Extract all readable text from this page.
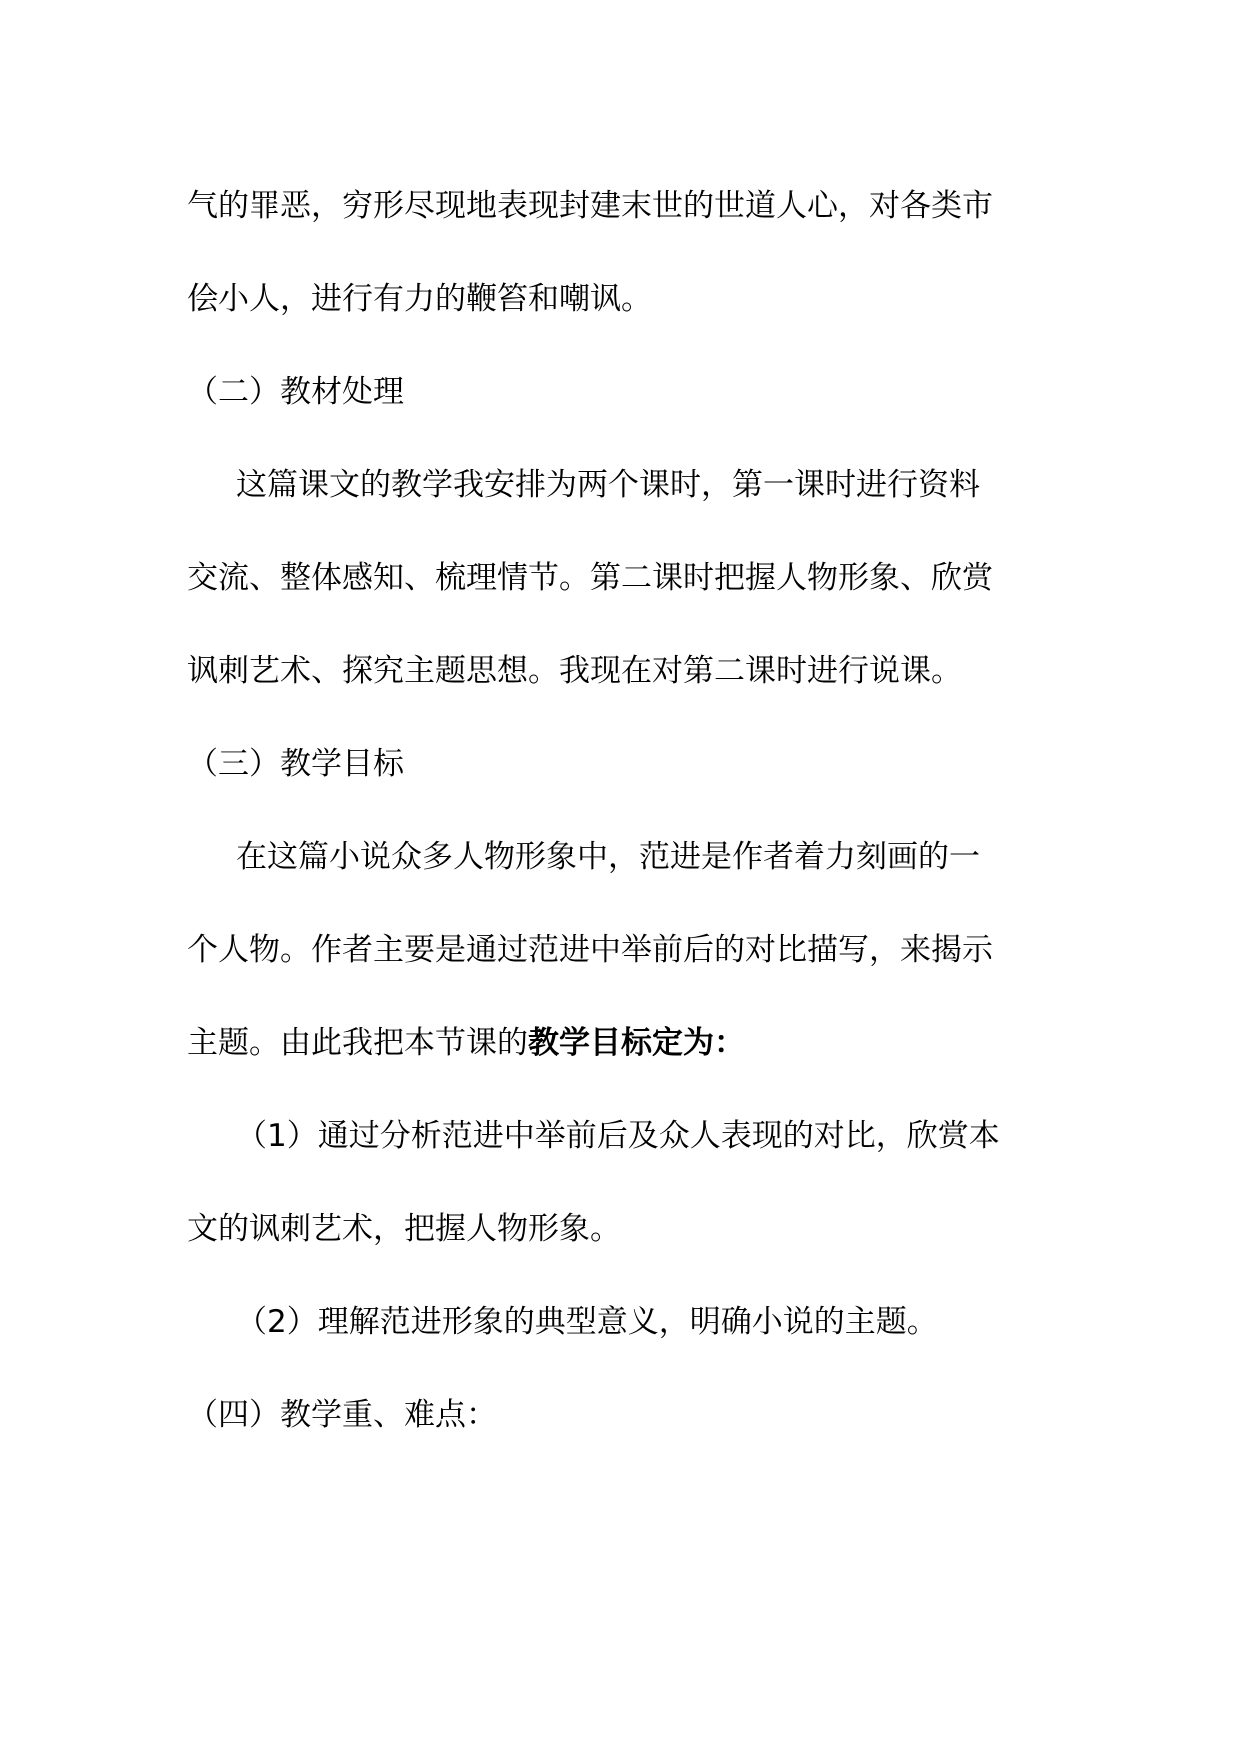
气的罪恶，穷形尽现地表现封建末世的世道人心，对各类市
侩小人，进行有力的鞭笞和嘲讽。
（二）教材处理
这篇课文的教学我安排为两个课时，第一课时进行资料
交流、整体感知、梳理情节。第二课时把握人物形象、欣赏
讽刺艺术、探究主题思想。我现在对第二课时进行说课。
（三）教学目标
在这篇小说众多人物形象中，范进是作者着力刻画的一
个人物。作者主要是通过范进中举前后的对比描写，来揭示
主题。由此我把本节课的教学目标定为：
（1）通过分析范进中举前后及众人表现的对比，欣赏本
文的讽刺艺术，把握人物形象。
（2）理解范进形象的典型意义，明确小说的主题。
（四）教学重、难点：
